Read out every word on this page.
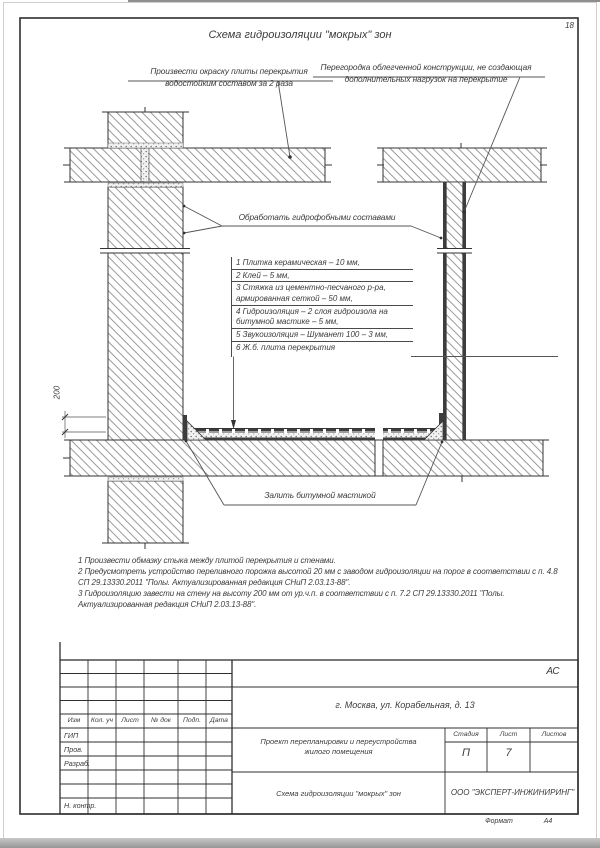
Схема гидроизоляции "мокрых" зон
18
Произвести окраску плиты перекрытия
водостойким составом за 2 раза
Перегородка облегченной конструкции, не создающая
дополнительных нагрузок на перекрытие
Обработать гидрофобными составами
1 Плитка керамическая – 10 мм,
2 Клей – 5 мм,
3 Стяжка из цементно-песчаного р-ра, армированная сеткой – 50 мм,
4 Гидроизоляция – 2 слоя гидроизола на битумной мастике – 5 мм,
5 Звукоизоляция – Шуманет 100 – 3 мм,
6 Ж.б. плита перекрытия
Залить битумной мастикой
200

1 Произвести обмазку стыка между плитой перекрытия и стенами.

2 Предусмотреть устройство переливного порожка высотой 20 мм с заводом гидроизоляции на порог в соответствии с п. 4.8 СП 29.13330.2011 "Полы. Актуализированная редакция СНиП 2.03.13-88".

3 Гидроизоляцию завести на стену на высоту 200 мм от ур.ч.п. в соответствии с п. 7.2 СП 29.13330.2011 "Полы. Актуализированная редакция СНиП 2.03.13-88".

АС
г. Москва, ул. Корабельная, д. 13
Изм	Кол. уч	Лист	№ док	Подп.	Дата
ГИП
Пров.
Разраб.
Н. контр.
Проект перепланировки и переустройства
жилого помещения
Схема гидроизоляции "мокрых" зон
Стадия	Лист	Листов
П	7
ООО "ЭКСПЕРТ-ИНЖИНИРИНГ"
Формат	А4
